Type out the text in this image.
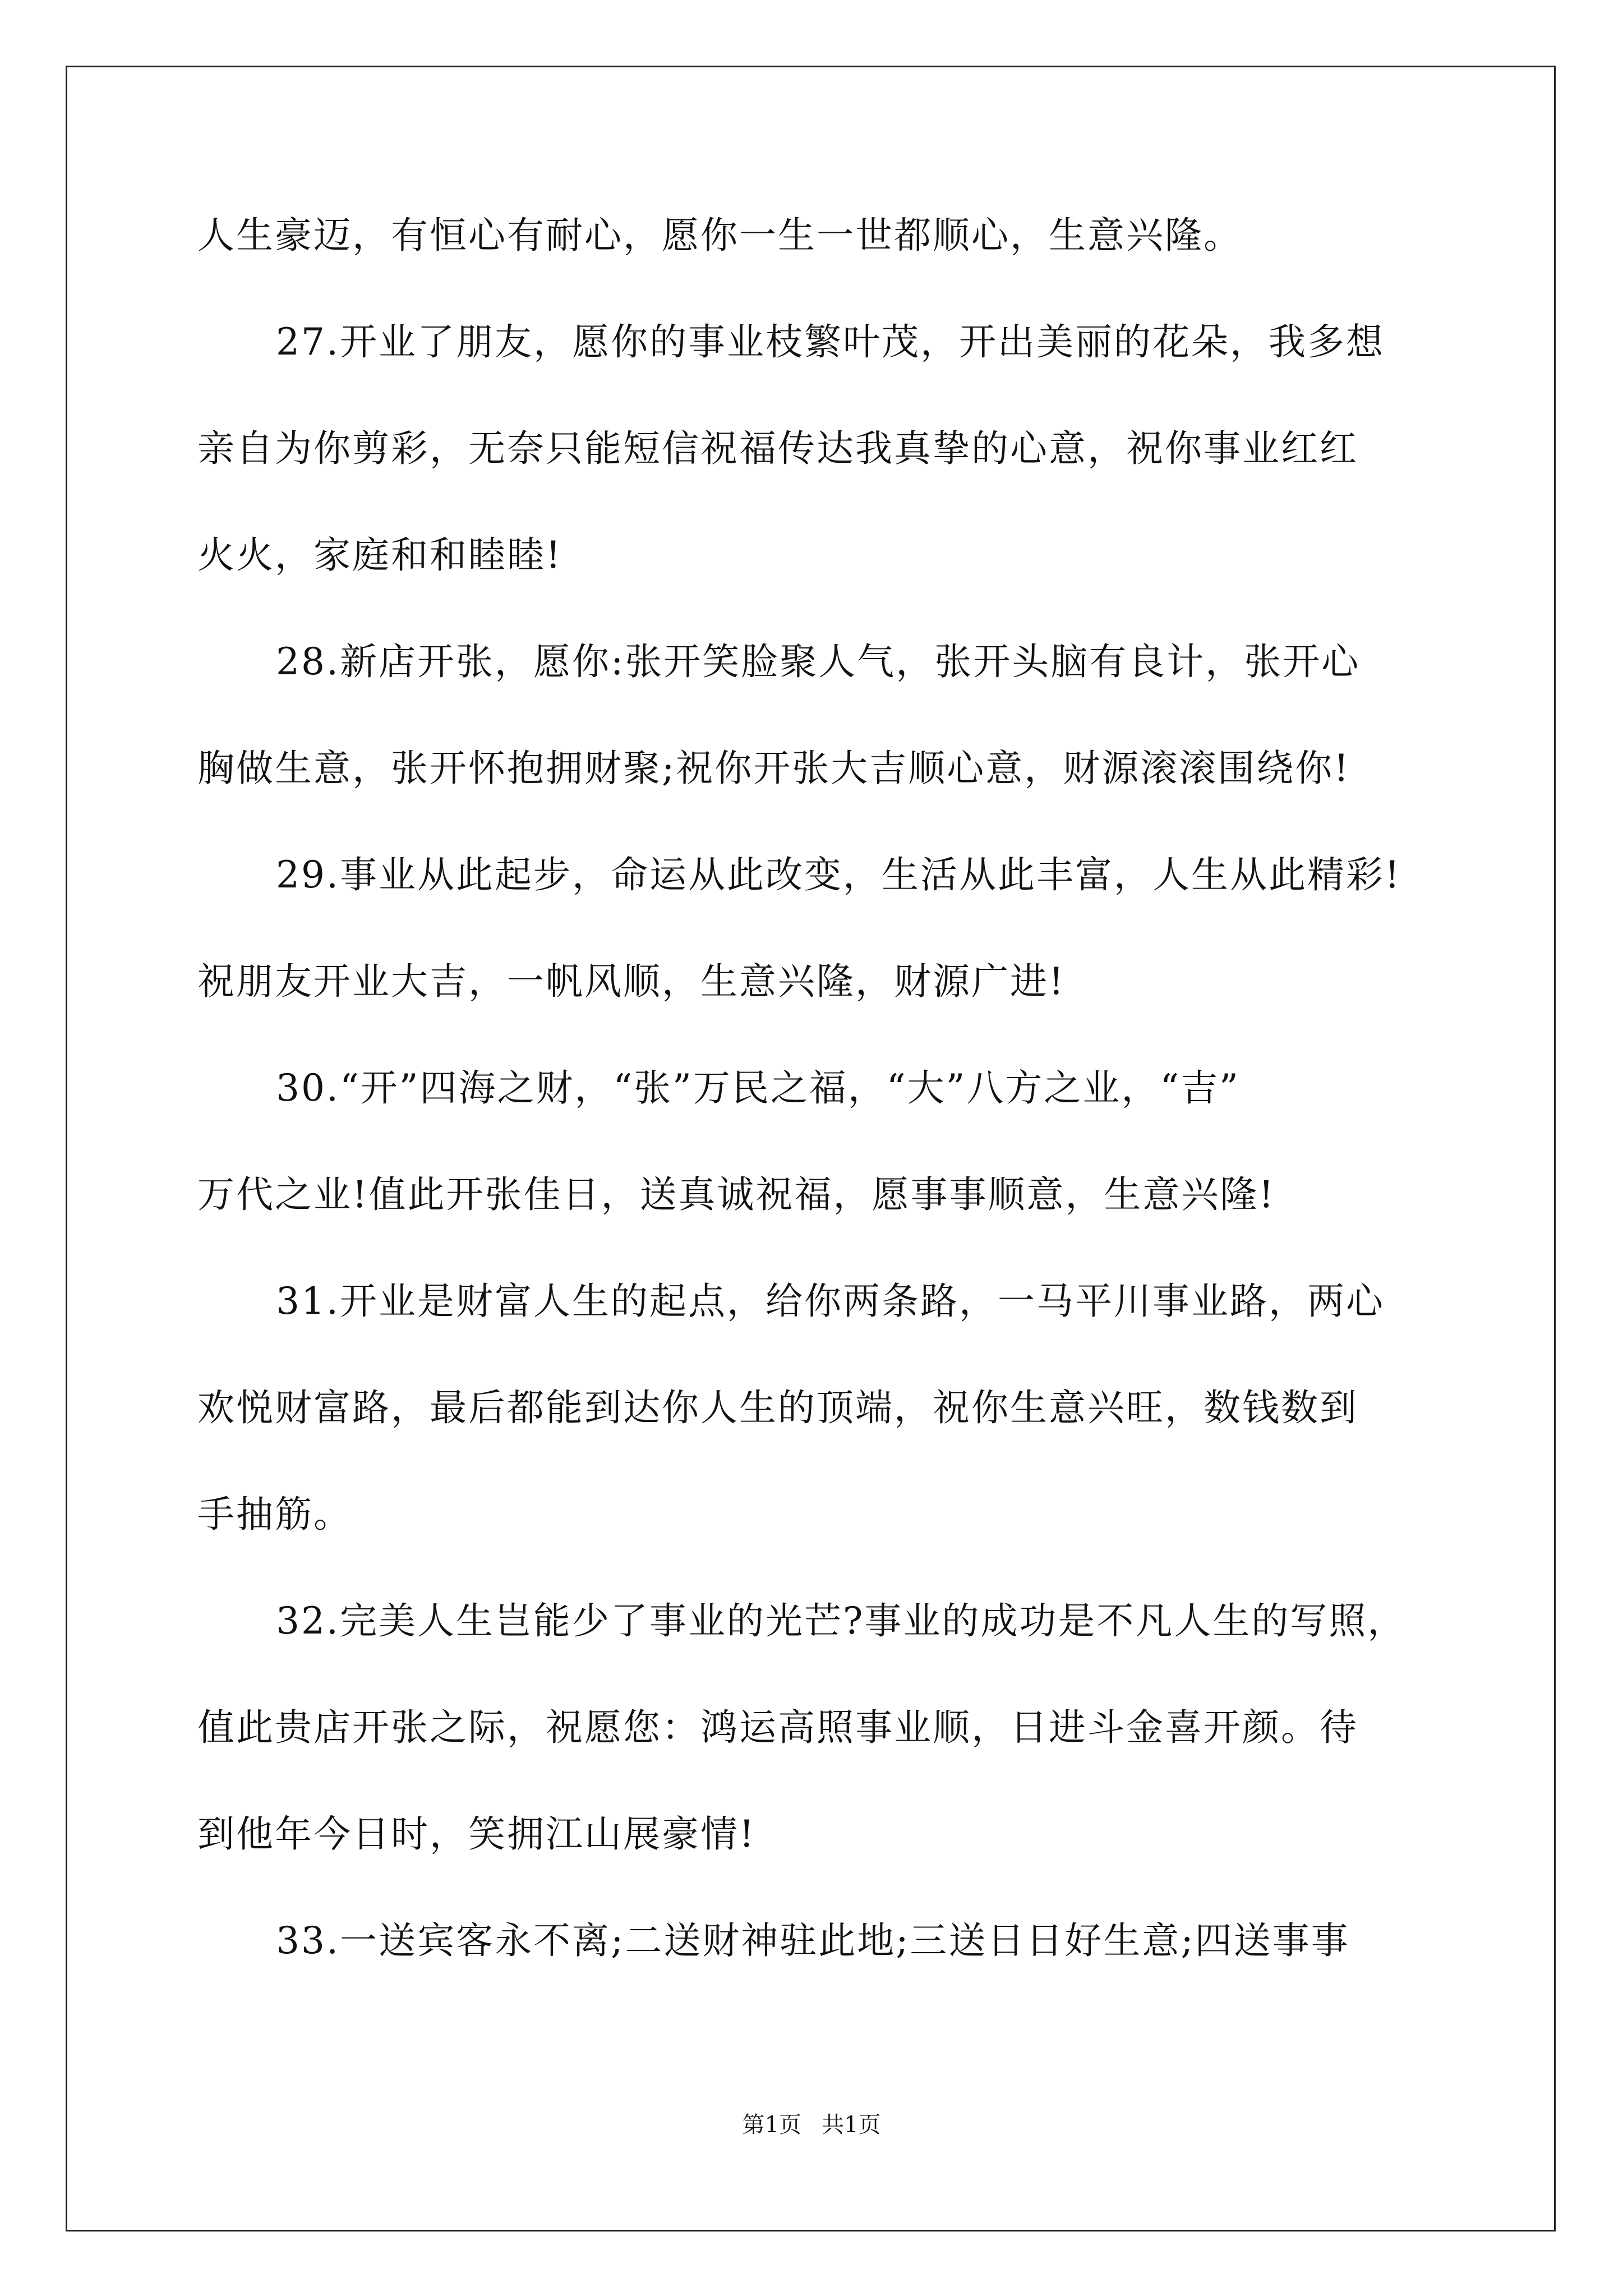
人生豪迈，有恒心有耐心，愿你一生一世都顺心，生意兴隆。
27.开业了朋友，愿你的事业枝繁叶茂，开出美丽的花朵，我多想
亲自为你剪彩，无奈只能短信祝福传达我真挚的心意，祝你事业红红
火火，家庭和和睦睦!
28.新店开张，愿你:张开笑脸聚人气，张开头脑有良计，张开心
胸做生意，张开怀抱拥财聚;祝你开张大吉顺心意，财源滚滚围绕你!
29.事业从此起步，命运从此改变，生活从此丰富，人生从此精彩!
祝朋友开业大吉，一帆风顺，生意兴隆，财源广进!
30.“开”四海之财，“张”万民之福，“大”八方之业，“吉”
万代之业!值此开张佳日，送真诚祝福，愿事事顺意，生意兴隆!
31.开业是财富人生的起点，给你两条路，一马平川事业路，两心
欢悦财富路，最后都能到达你人生的顶端，祝你生意兴旺，数钱数到
手抽筋。
32.完美人生岂能少了事业的光芒?事业的成功是不凡人生的写照，
值此贵店开张之际，祝愿您：鸿运高照事业顺，日进斗金喜开颜。待
到他年今日时，笑拥江山展豪情!
33.一送宾客永不离;二送财神驻此地;三送日日好生意;四送事事
第1页 共1页
